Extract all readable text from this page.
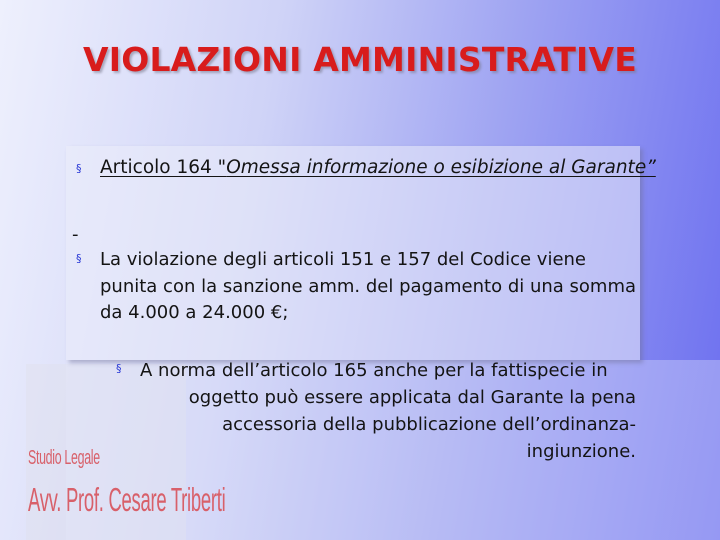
VIOLAZIONI AMMINISTRATIVE
§ Articolo 164 "Omessa informazione o esibizione al Garante”
-
§ La violazione degli articoli 151 e 157 del Codice viene punita con la sanzione amm. del pagamento di una somma da 4.000 a 24.000 €;
§ A norma dell’articolo 165 anche per la fattispecie in
oggetto può essere applicata dal Garante la pena accessoria della pubblicazione dell’ordinanza-ingiunzione.
Studio Legale
Avv. Prof. Cesare Triberti
